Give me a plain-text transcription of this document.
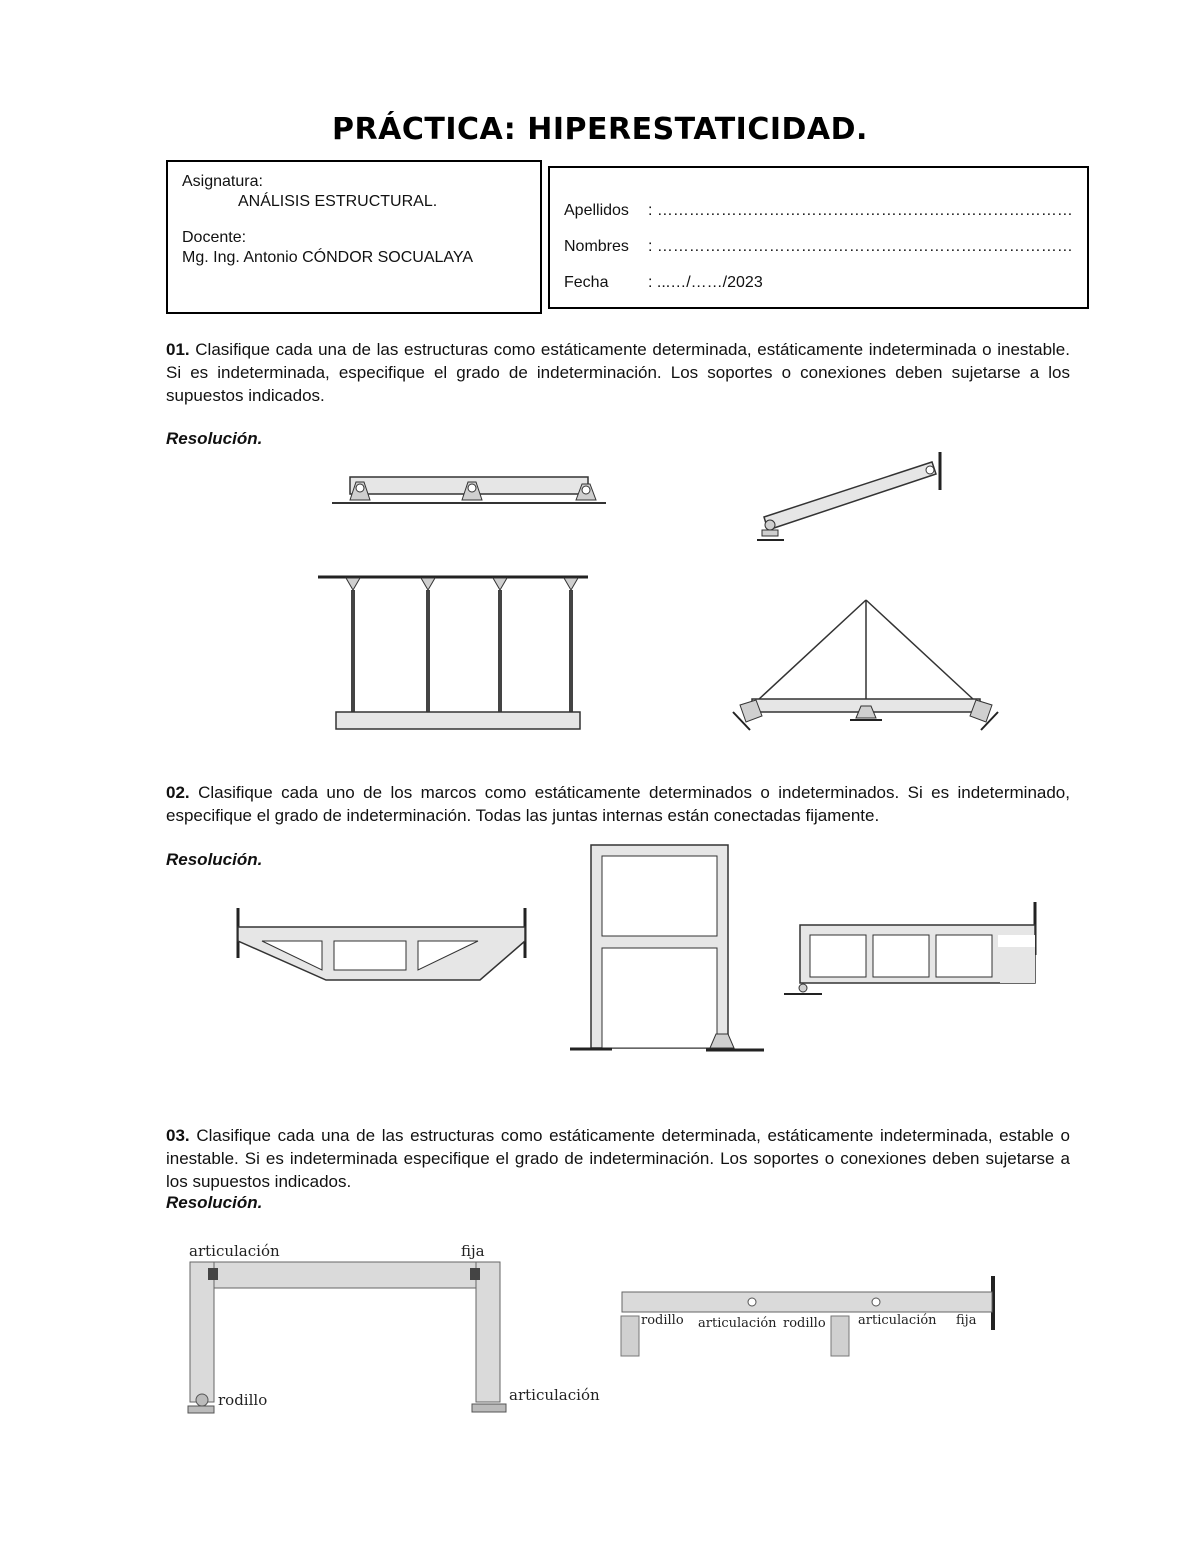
PRÁCTICA: HIPERESTATICIDAD.
Asignatura:

ANÁLISIS ESTRUCTURAL.
Docente:
Mg. Ing. Antonio CÓNDOR SOCUALAYA
Apellidos : ……………………………………………………………………
Nombres : ……………………………………………………………………
Fecha : ...…/……/2023
01. Clasifique cada una de las estructuras como estáticamente determinada, estáticamente indeterminada o inestable. Si es indeterminada, especifique el grado de indeterminación. Los soportes o conexiones deben sujetarse a los supuestos indicados.
Resolución.
articulación	fija
rodillo	articulación
rodillo articulación rodillo articulación fija
02. Clasifique cada uno de los marcos como estáticamente determinados o indeterminados. Si es indeterminado, especifique el grado de indeterminación. Todas las juntas internas están conectadas fijamente.
Resolución.
03. Clasifique cada una de las estructuras como estáticamente determinada, estáticamente indeterminada, estable o inestable. Si es indeterminada especifique el grado de indeterminación. Los soportes o conexiones deben sujetarse a los supuestos indicados.
Resolución.
